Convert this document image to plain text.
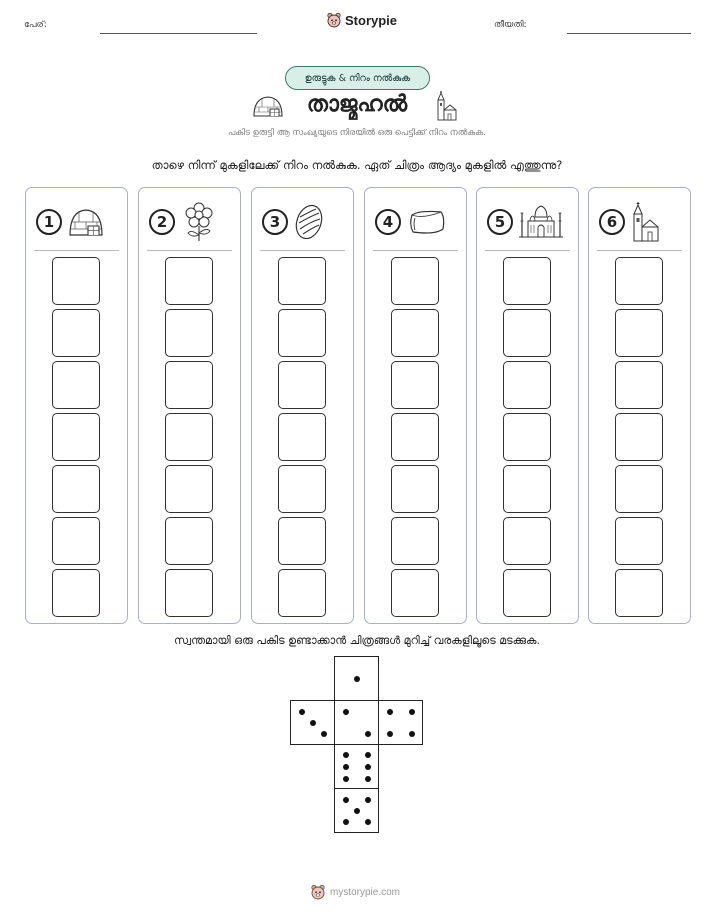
പേര്:	തീയതി:
Storypie
ഉരുട്ടുക & നിറം നൽകുക
താജ്മഹൽ
പകിട ഉരുട്ടി ആ സംഖ്യയുടെ നിരയിൽ ഒരു പെട്ടിക്ക് നിറം നൽകുക.
താഴെ നിന്ന് മുകളിലേക്ക് നിറം നൽകുക. ഏത് ചിത്രം ആദ്യം മുകളിൽ എത്തുന്നു?
1	2	3	4	5	6
സ്വന്തമായി ഒരു പകിട ഉണ്ടാക്കാൻ ചിത്രങ്ങൾ മുറിച്ച് വരകളിലൂടെ മടക്കുക.
mystorypie.com
